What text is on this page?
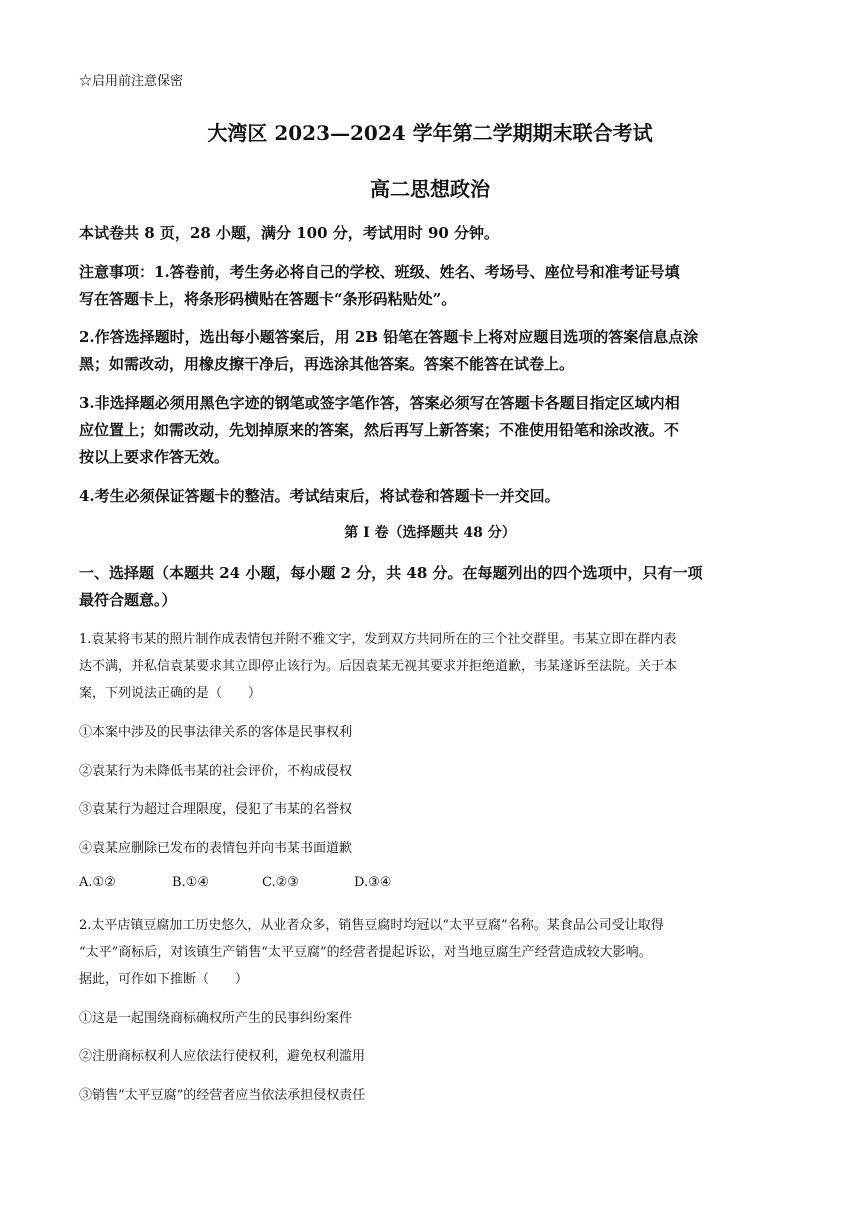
☆启用前注意保密
大湾区 2023—2024 学年第二学期期末联合考试
高二思想政治
本试卷共 8 页，28 小题，满分 100 分，考试用时 90 分钟。
注意事项：1.答卷前，考生务必将自己的学校、班级、姓名、考场号、座位号和准考证号填
写在答题卡上，将条形码横贴在答题卡“条形码粘贴处”。
2.作答选择题时，选出每小题答案后，用 2B 铅笔在答题卡上将对应题目选项的答案信息点涂
黑；如需改动，用橡皮擦干净后，再选涂其他答案。答案不能答在试卷上。
3.非选择题必须用黑色字迹的钢笔或签字笔作答，答案必须写在答题卡各题目指定区域内相
应位置上；如需改动，先划掉原来的答案，然后再写上新答案；不准使用铅笔和涂改液。不
按以上要求作答无效。
4.考生必须保证答题卡的整洁。考试结束后，将试卷和答题卡一并交回。
第 I 卷（选择题共 48 分）
一、选择题（本题共 24 小题，每小题 2 分，共 48 分。在每题列出的四个选项中，只有一项
最符合题意。）
1.袁某将韦某的照片制作成表情包并附不雅文字，发到双方共同所在的三个社交群里。韦某立即在群内表
达不满，并私信袁某要求其立即停止该行为。后因袁某无视其要求并拒绝道歉，韦某遂诉至法院。关于本
案，下列说法正确的是（　　）
①本案中涉及的民事法律关系的客体是民事权利
②袁某行为未降低韦某的社会评价，不构成侵权
③袁某行为超过合理限度，侵犯了韦某的名誉权
④袁某应删除已发布的表情包并向韦某书面道歉
A.①②	B.①④	C.②③	D.③④
2.太平店镇豆腐加工历史悠久，从业者众多，销售豆腐时均冠以“太平豆腐”名称。某食品公司受让取得
“太平”商标后，对该镇生产销售“太平豆腐”的经营者提起诉讼，对当地豆腐生产经营造成较大影响。
据此，可作如下推断（　　）
①这是一起围绕商标确权所产生的民事纠纷案件
②注册商标权利人应依法行使权利，避免权利滥用
③销售“太平豆腐”的经营者应当依法承担侵权责任
